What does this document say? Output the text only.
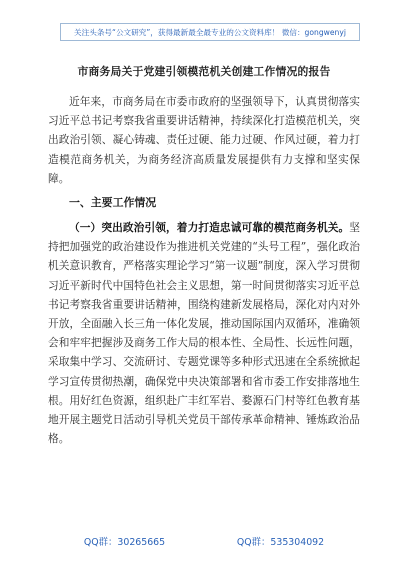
关注头条号“公文研究”，获得最新最全最专业的公文资料库！ 微信：gongwenyj
市商务局关于党建引领模范机关创建工作情况的报告

近年来，市商务局在市委市政府的坚强领导下，认真贯彻落实习近平总书记考察我省重要讲话精神，持续深化打造模范机关，突出政治引领、凝心铸魂、责任过硬、能力过硬、作风过硬，着力打造模范商务机关，为商务经济高质量发展提供有力支撑和坚实保障。

一、主要工作情况

（一）突出政治引领，着力打造忠诚可靠的模范商务机关。坚持把加强党的政治建设作为推进机关党建的“头号工程”，强化政治机关意识教育，严格落实理论学习“第一议题”制度，深入学习贯彻习近平新时代中国特色社会主义思想，第一时间贯彻落实习近平总书记考察我省重要讲话精神，围绕构建新发展格局，深化对内对外开放，全面融入长三角一体化发展，推动国际国内双循环，准确领会和牢牢把握涉及商务工作大局的根本性、全局性、长远性问题，采取集中学习、交流研讨、专题党课等多种形式迅速在全系统掀起学习宣传贯彻热潮，确保党中央决策部署和省市委工作安排落地生根。用好红色资源，组织赴广丰红军岩、婺源石门村等红色教育基地开展主题党日活动引导机关党员干部传承革命精神、锤炼政治品格。

QQ群：30265665	QQ群：535304092
